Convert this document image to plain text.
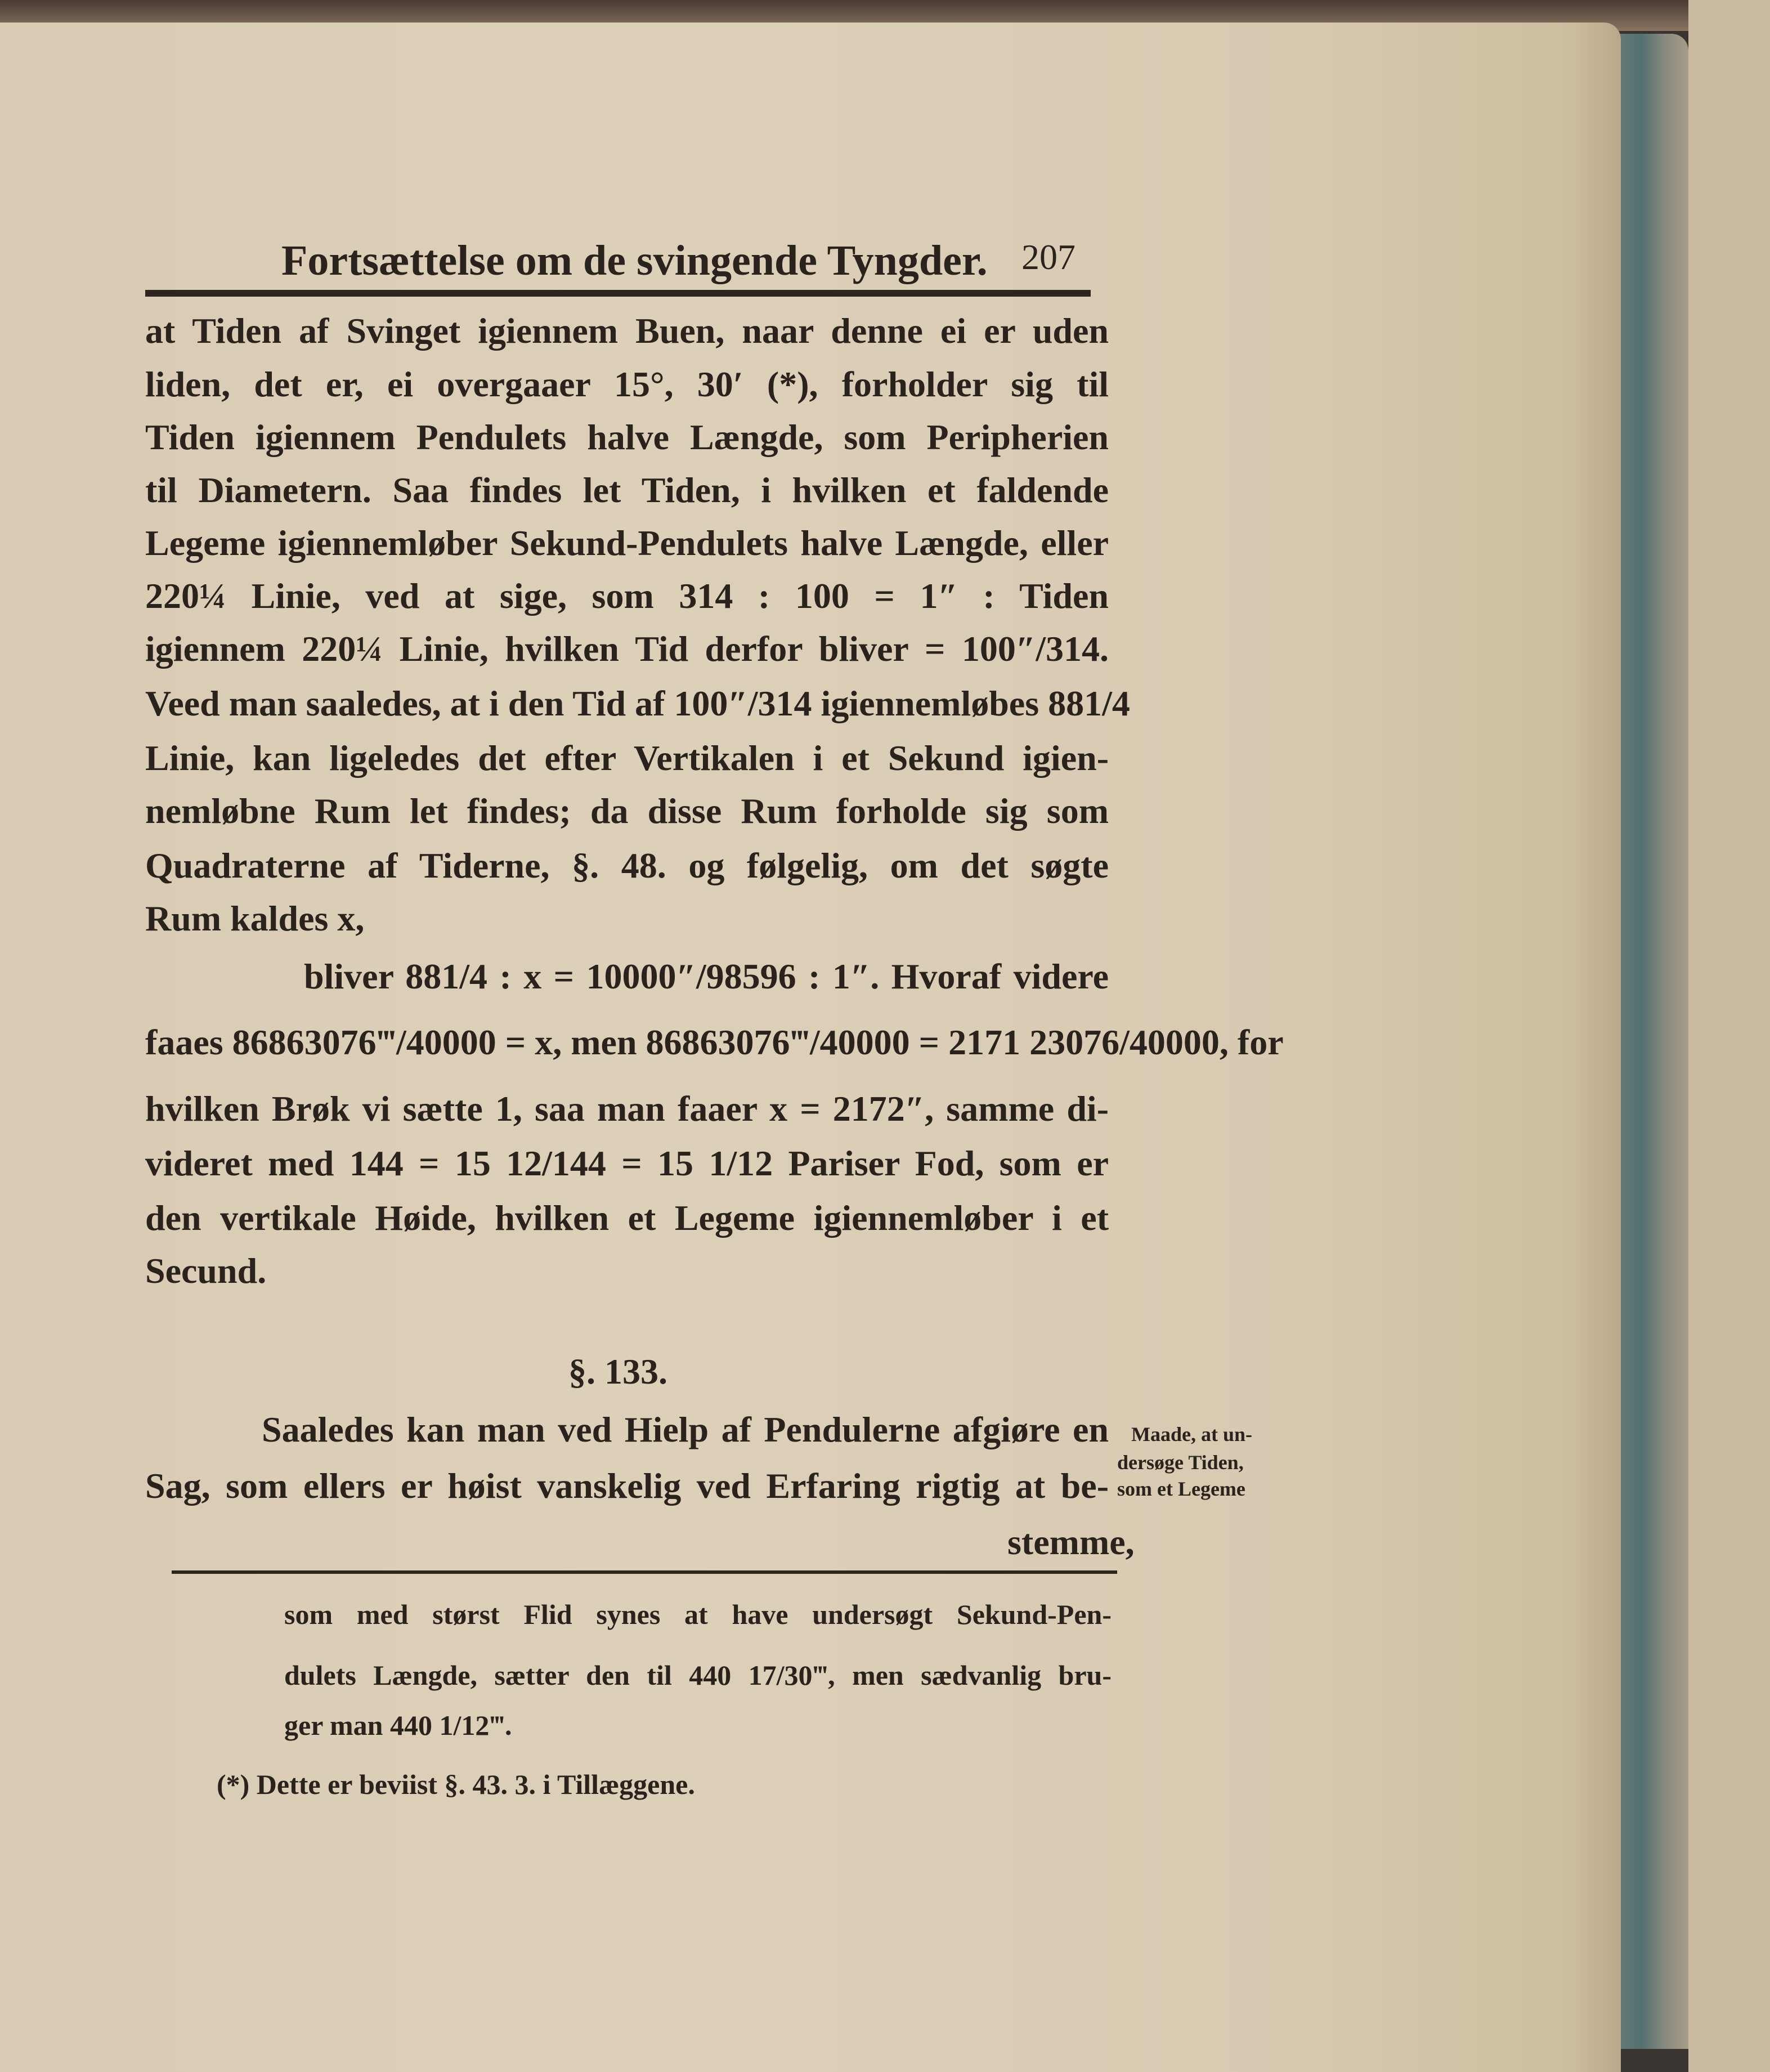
Fortsættelse om de svingende Tyngder. 207
at Tiden af Svinget igiennem Buen, naar denne ei er uden
liden, det er, ei overgaaer 15°, 30′ (*), forholder sig til
Tiden igiennem Pendulets halve Længde, som Peripherien
til Diametern. Saa findes let Tiden, i hvilken et faldende
Legeme igiennemløber Sekund-Pendulets halve Længde, eller
220¼ Linie, ved at sige, som 314 : 100 = 1″ : Tiden
igiennem 220¼ Linie, hvilken Tid derfor bliver = 100″/314.
Veed man saaledes, at i den Tid af 100″/314 igiennemløbes 881/4
Linie, kan ligeledes det efter Vertikalen i et Sekund igien-
nemløbne Rum let findes; da disse Rum forholde sig som
Quadraterne af Tiderne, §. 48. og følgelig, om det søgte
Rum kaldes x,
bliver 881/4 : x = 10000″/98596 : 1″. Hvoraf videre
faaes 86863076‴/40000 = x, men 86863076‴/40000 = 2171 23076/40000, for
hvilken Brøk vi sætte 1, saa man faaer x = 2172″, samme di-
videret med 144 = 15 12/144 = 15 1/12 Pariser Fod, som er
den vertikale Høide, hvilken et Legeme igiennemløber i et
Secund.
§. 133.
Saaledes kan man ved Hielp af Pendulerne afgiøre en
Sag, som ellers er høist vanskelig ved Erfaring rigtig at be-
stemme,
Maade, at un-
dersøge Tiden,
som et Legeme
som med størst Flid synes at have undersøgt Sekund-Pen-
dulets Længde, sætter den til 440 17/30‴, men sædvanlig bru-
ger man 440 1/12‴.
(*) Dette er beviist §. 43. 3. i Tillæggene.
